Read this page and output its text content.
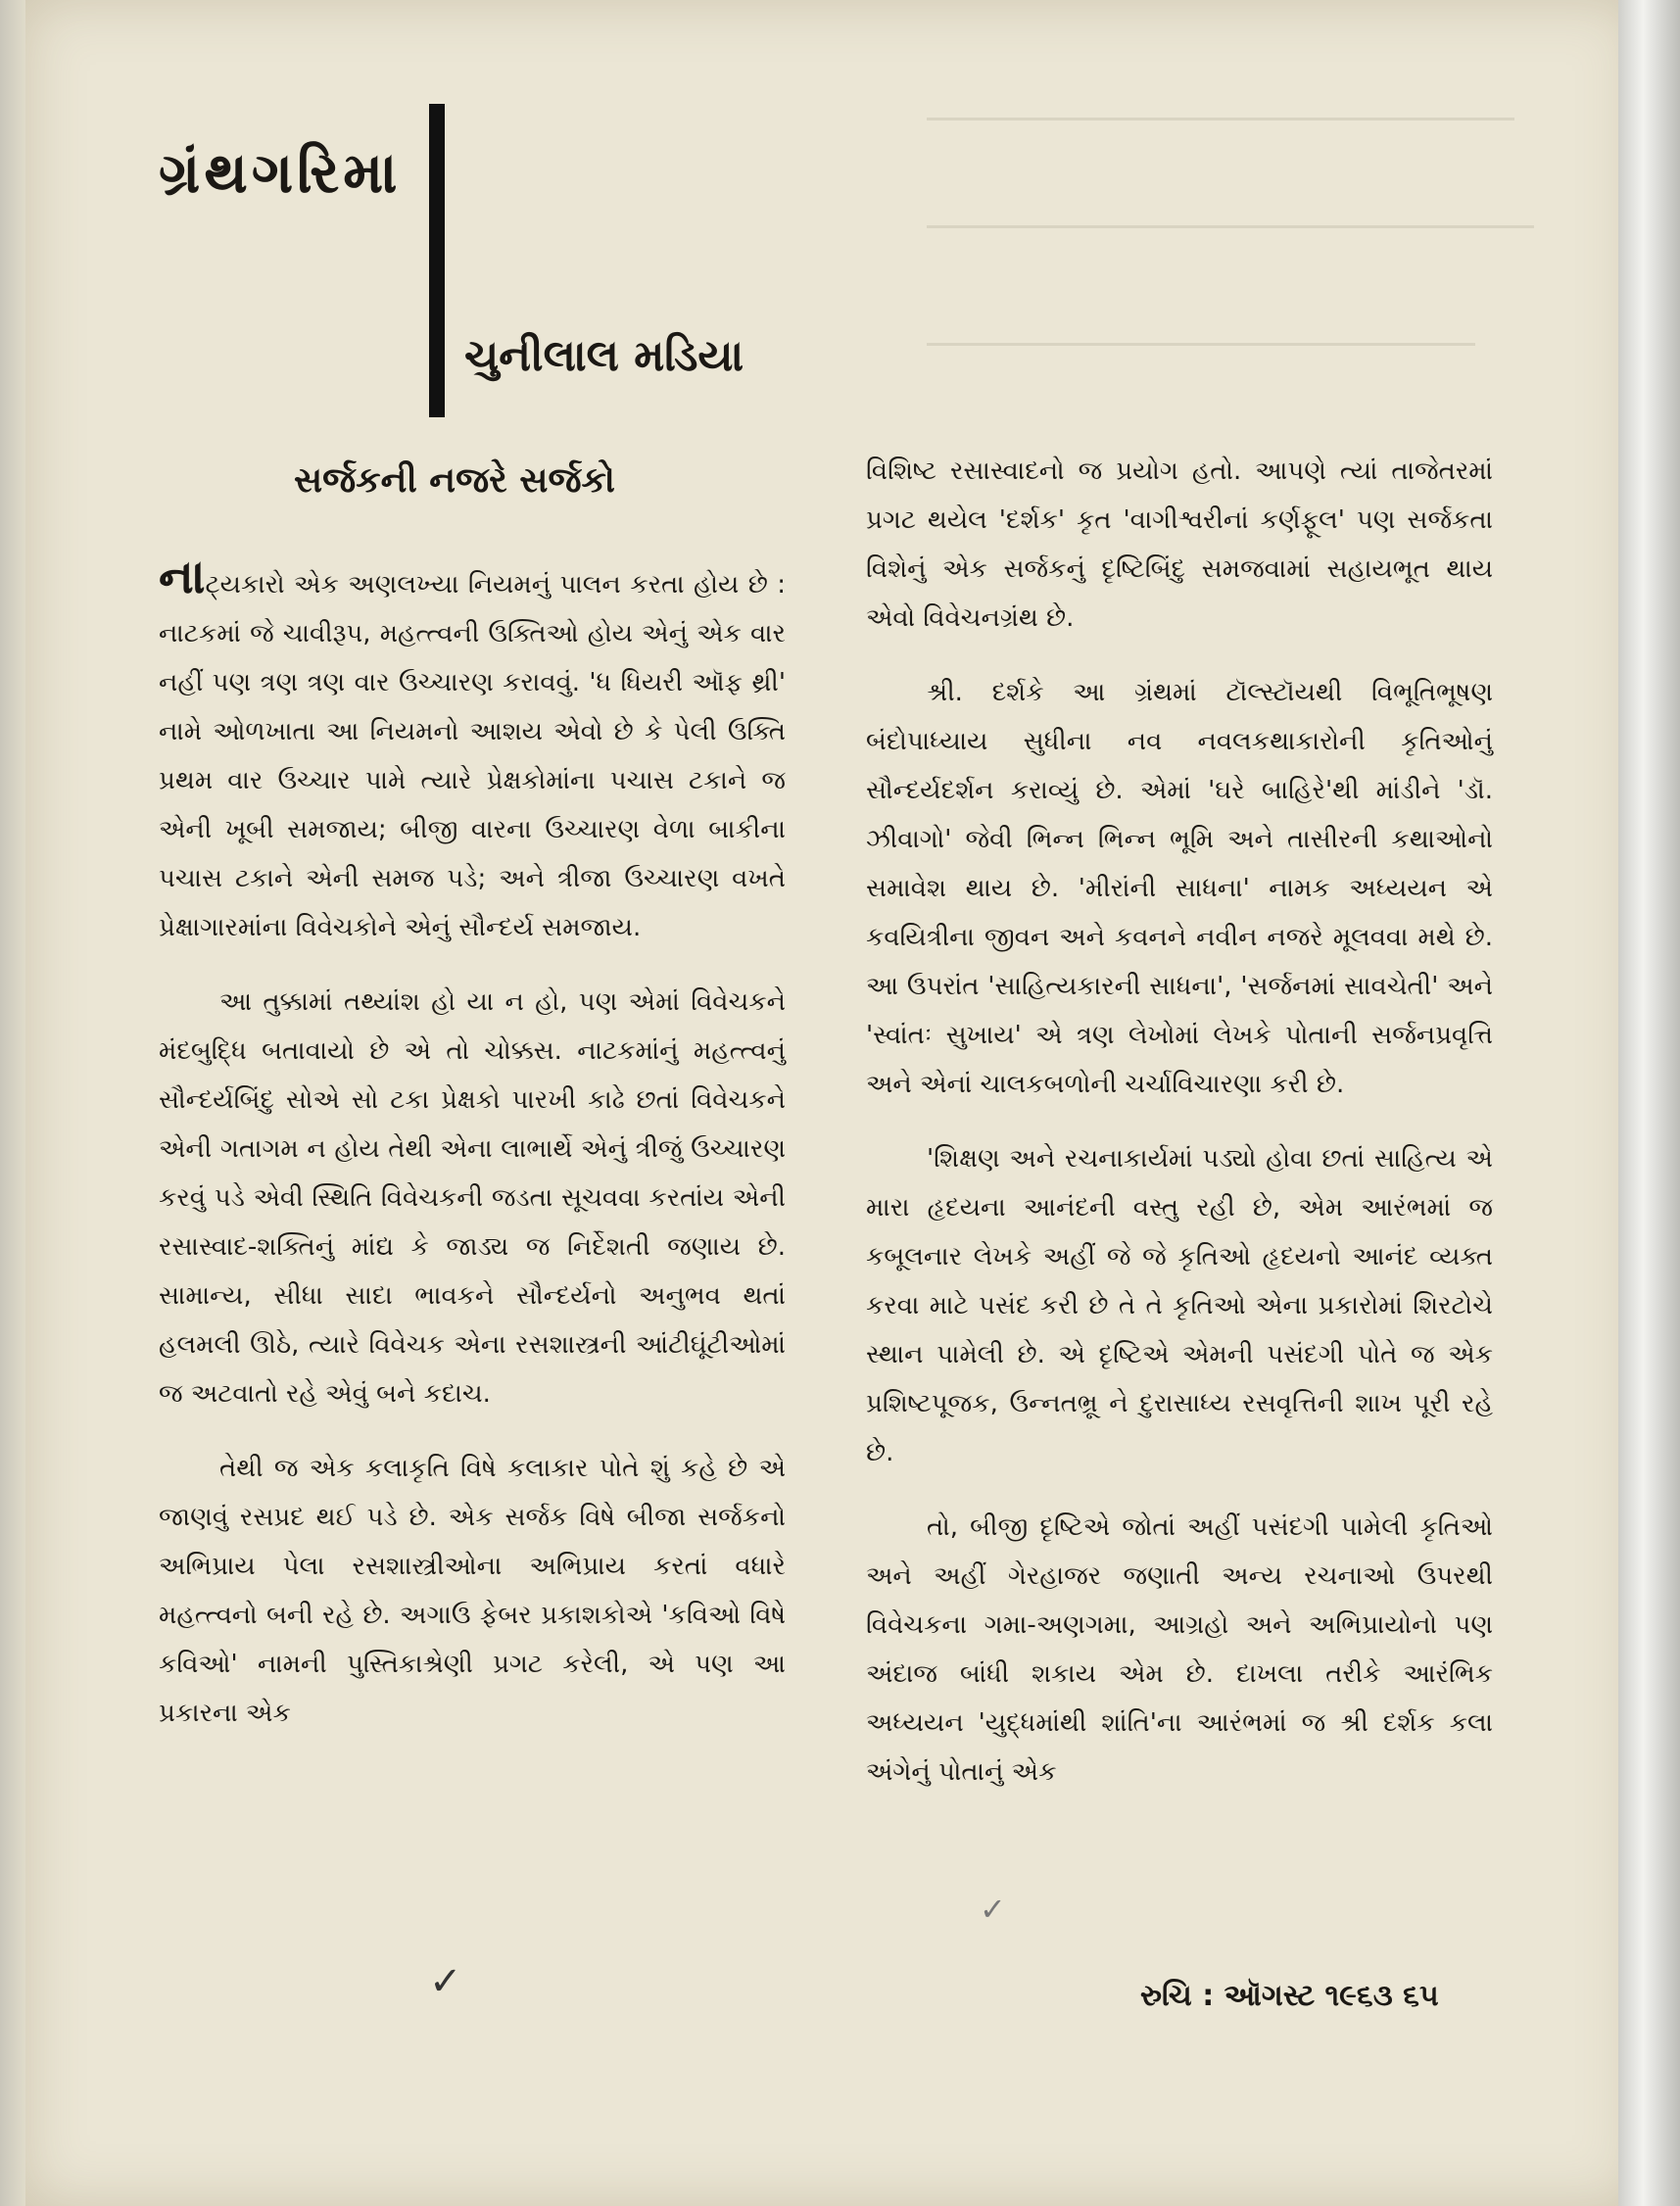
ગ્રંથગરિમા
ચુનીલાલ મડિયા
સર્જકની નજરે સર્જકો

નાટ્યકારો એક અણલખ્યા નિયમનું પાલન કરતા હોય છે : નાટકમાં જે ચાવીરૂપ, મહત્ત્વની ઉક્તિઓ હોય એનું એક વાર નહીં પણ ત્રણ ત્રણ વાર ઉચ્ચારણ કરાવવું. 'ધ ધિયરી ઑફ થ્રી' નામે ઓળખાતા આ નિયમનો આશય એવો છે કે પેલી ઉક્તિ પ્રથમ વાર ઉચ્ચાર પામે ત્યારે પ્રેક્ષકોમાંના પચાસ ટકાને જ એની ખૂબી સમજાય; બીજી વારના ઉચ્ચારણ વેળા બાકીના પચાસ ટકાને એની સમજ પડે; અને ત્રીજા ઉચ્ચારણ વખતે પ્રેક્ષાગારમાંના વિવેચકોને એનું સૌન્દર્ય સમજાય.

આ તુક્કામાં તથ્યાંશ હો યા ન હો, પણ એમાં વિવેચકને મંદબુદ્ધિ બતાવાયો છે એ તો ચોક્કસ. નાટકમાંનું મહત્ત્વનું સૌન્દર્યબિંદુ સોએ સો ટકા પ્રેક્ષકો પારખી કાઢે છતાં વિવેચકને એની ગતાગમ ન હોય તેથી એના લાભાર્થે એનું ત્રીજું ઉચ્ચારણ કરવું પડે એવી સ્થિતિ વિવેચકની જડતા સૂચવવા કરતાંય એની રસાસ્વાદ-શક્તિનું માંદ્ય કે જાડ્ય જ નિર્દેશતી જણાય છે. સામાન્ય, સીધા સાદા ભાવકને સૌન્દર્યનો અનુભવ થતાં હલમલી ઊઠે, ત્યારે વિવેચક એના રસશાસ્ત્રની આંટીઘૂંટીઓમાં જ અટવાતો રહે એવું બને કદાચ.

તેથી જ એક કલાકૃતિ વિષે કલાકાર પોતે શું કહે છે એ જાણવું રસપ્રદ થઈ પડે છે. એક સર્જક વિષે બીજા સર્જકનો અભિપ્રાય પેલા રસશાસ્ત્રીઓના અભિપ્રાય કરતાં વધારે મહત્ત્વનો બની રહે છે. અગાઉ ફેબર પ્રકાશકોએ 'કવિઓ વિષે કવિઓ' નામની પુસ્તિકાશ્રેણી પ્રગટ કરેલી, એ પણ આ પ્રકારના એક

વિશિષ્ટ રસાસ્વાદનો જ પ્રયોગ હતો. આપણે ત્યાં તાજેતરમાં પ્રગટ થયેલ 'દર્શક' કૃત 'વાગીશ્વરીનાં કર્ણફૂલ' પણ સર્જકતા વિશેનું એક સર્જકનું દૃષ્ટિબિંદુ સમજવામાં સહાયભૂત થાય એવો વિવેચનગ્રંથ છે.

શ્રી. દર્શકે આ ગ્રંથમાં ટૉલ્સ્ટૉયથી વિભૂતિભૂષણ બંદોપાધ્યાય સુધીના નવ નવલકથાકારોની કૃતિઓનું સૌન્દર્યદર્શન કરાવ્યું છે. એમાં 'ઘરે બાહિરે'થી માંડીને 'ડૉ. ઝીવાગો' જેવી ભિન્ન ભિન્ન ભૂમિ અને તાસીરની કથાઓનો સમાવેશ થાય છે. 'મીરાંની સાધના' નામક અધ્યયન એ કવયિત્રીના જીવન અને કવનને નવીન નજરે મૂલવવા મથે છે. આ ઉપરાંત 'સાહિત્યકારની સાધના', 'સર્જનમાં સાવચેતી' અને 'સ્વાંતઃ સુખાય' એ ત્રણ લેખોમાં લેખકે પોતાની સર્જનપ્રવૃત્તિ અને એનાં ચાલકબળોની ચર્ચાવિચારણા કરી છે.

'શિક્ષણ અને રચનાકાર્યમાં પડ્યો હોવા છતાં સાહિત્ય એ મારા હૃદયના આનંદની વસ્તુ રહી છે, એમ આરંભમાં જ કબૂલનાર લેખકે અહીં જે જે કૃતિઓ હૃદયનો આનંદ વ્યક્ત કરવા માટે પસંદ કરી છે તે તે કૃતિઓ એના પ્રકારોમાં શિરટોચે સ્થાન પામેલી છે. એ દૃષ્ટિએ એમની પસંદગી પોતે જ એક પ્રશિષ્ટપૂજક, ઉન્નતભ્રૂ ને દુરાસાધ્ય રસવૃત્તિની શાખ પૂરી રહે છે.

તો, બીજી દૃષ્ટિએ જોતાં અહીં પસંદગી પામેલી કૃતિઓ અને અહીં ગેરહાજર જણાતી અન્ય રચનાઓ ઉપરથી વિવેચકના ગમા-અણગમા, આગ્રહો અને અભિપ્રાયોનો પણ અંદાજ બાંધી શકાય એમ છે. દાખલા તરીકે આરંભિક અધ્યયન 'યુદ્ધમાંથી શાંતિ'ના આરંભમાં જ શ્રી દર્શક કલા અંગેનું પોતાનું એક

✓
✓
રુચિ : ઑગસ્ટ ૧૯૬૩ ૬૫
